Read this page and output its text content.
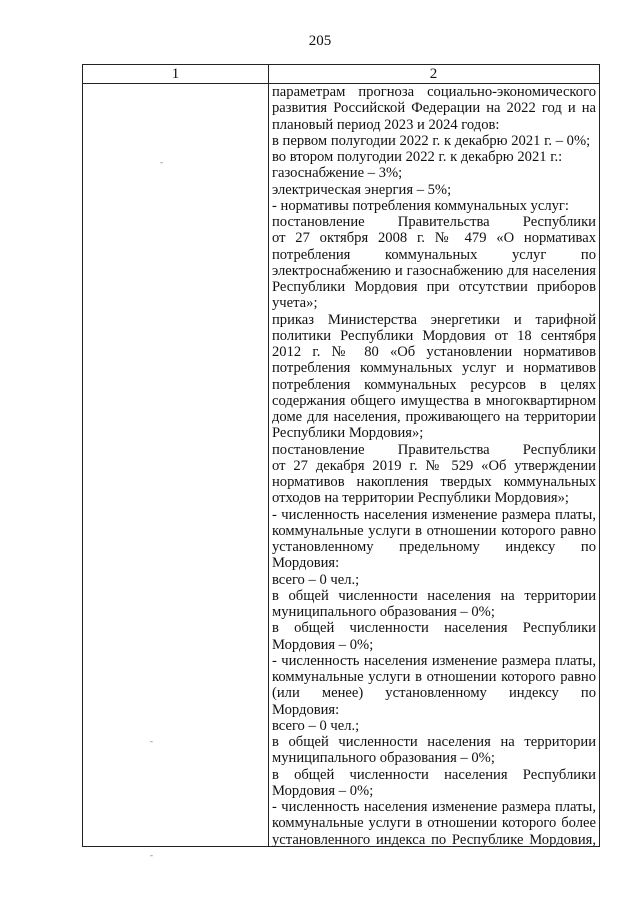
205
1	2
параметрам прогноза социально-экономического
развития Российской Федерации на 2022 год и на
плановый период 2023 и 2024 годов:
в первом полугодии 2022 г. к декабрю 2021 г. – 0%;
во втором полугодии 2022 г. к декабрю 2021 г.:
газоснабжение – 3%;
электрическая энергия – 5%;
- нормативы потребления коммунальных услуг:
постановление Правительства Республики
от 27 октября 2008 г. № 479 «О нормативах
потребления коммунальных услуг по
электроснабжению и газоснабжению для населения
Республики Мордовия при отсутствии приборов
учета»;
приказ Министерства энергетики и тарифной
политики Республики Мордовия от 18 сентября
2012 г. № 80 «Об установлении нормативов
потребления коммунальных услуг и нормативов
потребления коммунальных ресурсов в целях
содержания общего имущества в многоквартирном
доме для населения, проживающего на территории
Республики Мордовия»;
постановление Правительства Республики
от 27 декабря 2019 г. № 529 «Об утверждении
нормативов накопления твердых коммунальных
отходов на территории Республики Мордовия»;
- численность населения изменение размера платы,
коммунальные услуги в отношении которого равно
установленному предельному индексу по
Мордовия:
всего – 0 чел.;
в общей численности населения на территории
муниципального образования – 0%;
в общей численности населения Республики
Мордовия – 0%;
- численность населения изменение размера платы,
коммунальные услуги в отношении которого равно
(или менее) установленному индексу по
Мордовия:
всего – 0 чел.;
в общей численности населения на территории
муниципального образования – 0%;
в общей численности населения Республики
Мордовия – 0%;
- численность населения изменение размера платы,
коммунальные услуги в отношении которого более
установленного индекса по Республике Мордовия,
-
-
-
